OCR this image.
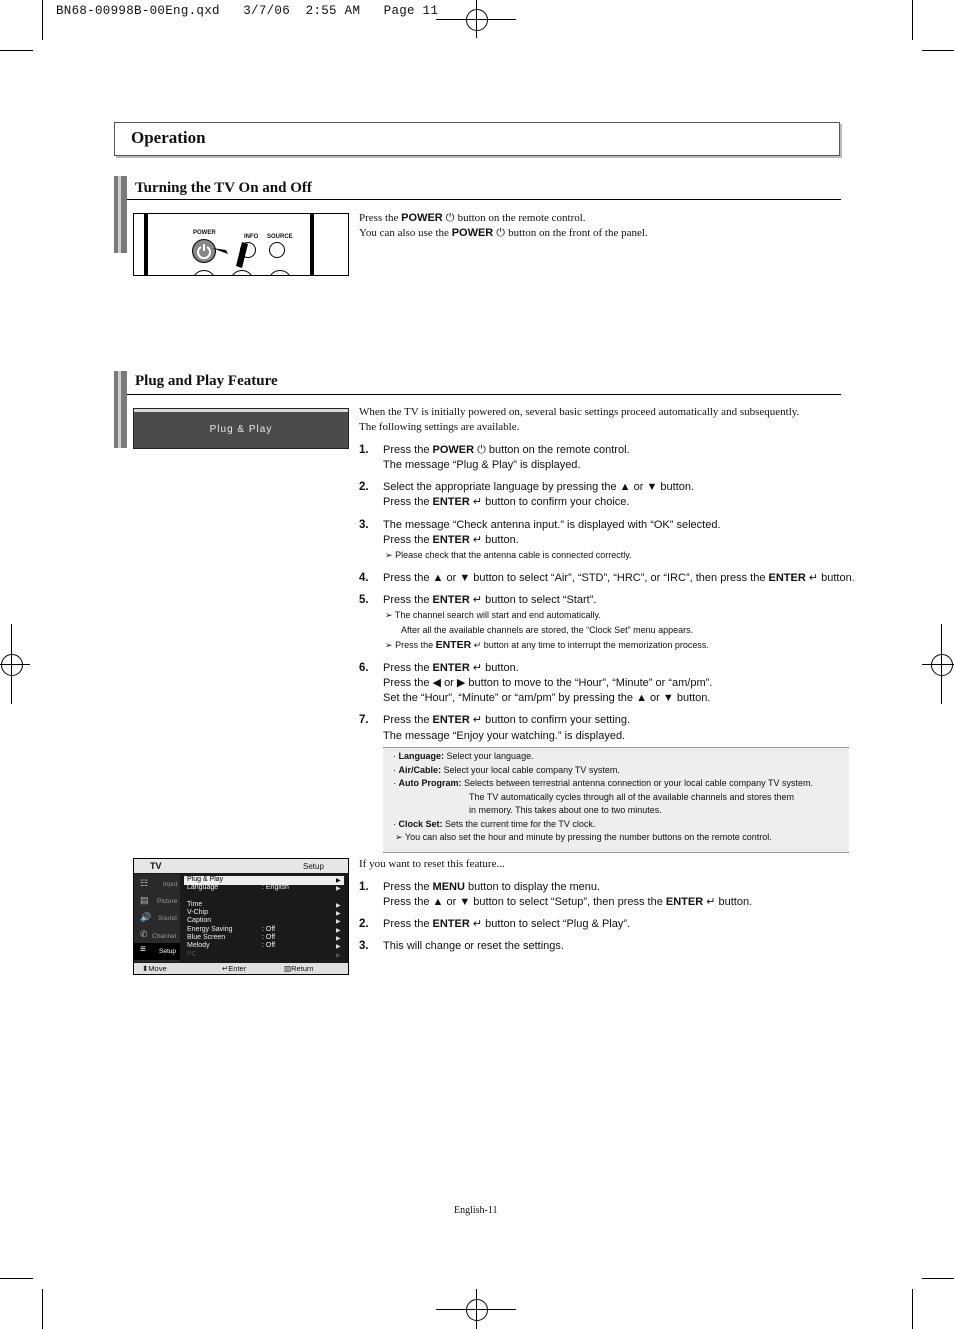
BN68-00998B-00Eng.qxd   3/7/06  2:55 AM   Page 11
Operation
Turning the TV On and Off
POWER
INFO SOURCE
Press the POWER ⏻ button on the remote control.
You can also use the POWER ⏻ button on the front of the panel.
Plug and Play Feature
Plug & Play
When the TV is initially powered on, several basic settings proceed automatically and subsequently.
The following settings are available.
1. Press the POWER ⏻ button on the remote control.
The message “Plug & Play” is displayed.
2. Select the appropriate language by pressing the ▲ or ▼ button.
Press the ENTER ↵ button to confirm your choice.
3. The message “Check antenna input.” is displayed with “OK” selected.
Press the ENTER ↵ button.
➢ Please check that the antenna cable is connected correctly.
4. Press the ▲ or ▼ button to select “Air”, “STD”, “HRC”, or “IRC”, then press the ENTER ↵ button.
5. Press the ENTER ↵ button to select “Start”.
➢ The channel search will start and end automatically.
After all the available channels are stored, the “Clock Set” menu appears.
➢ Press the ENTER ↵ button at any time to interrupt the memorization process.
6. Press the ENTER ↵ button.
Press the ◀ or ▶ button to move to the “Hour”, “Minute” or “am/pm”.
Set the “Hour”, “Minute” or “am/pm” by pressing the ▲ or ▼ button.
7. Press the ENTER ↵ button to confirm your setting.
The message “Enjoy your watching.” is displayed.
· Language: Select your language.
· Air/Cable: Select your local cable company TV system.
· Auto Program: Selects between terrestrial antenna connection or your local cable company TV system.
The TV automatically cycles through all of the available channels and stores them
in memory. This takes about one to two minutes.
· Clock Set: Sets the current time for the TV clock.
➢ You can also set the hour and minute by pressing the number buttons on the remote control.
TV	Setup
☷ Input
▤ Picture
🔊 Sound
✆ Channel
≡ Setup
Plug & Play	▶
Language	: English	▶
Time	▶
V-Chip	▶
Caption	▶
Energy Saving	: Off	▶
Blue Screen	: Off	▶
Melody	: Off	▶
PC	▶
⬍Move	↵Enter	▥Return
If you want to reset this feature...
1. Press the MENU button to display the menu.
Press the ▲ or ▼ button to select “Setup”, then press the ENTER ↵ button.
2. Press the ENTER ↵ button to select “Plug & Play”.
3. This will change or reset the settings.
English-11
